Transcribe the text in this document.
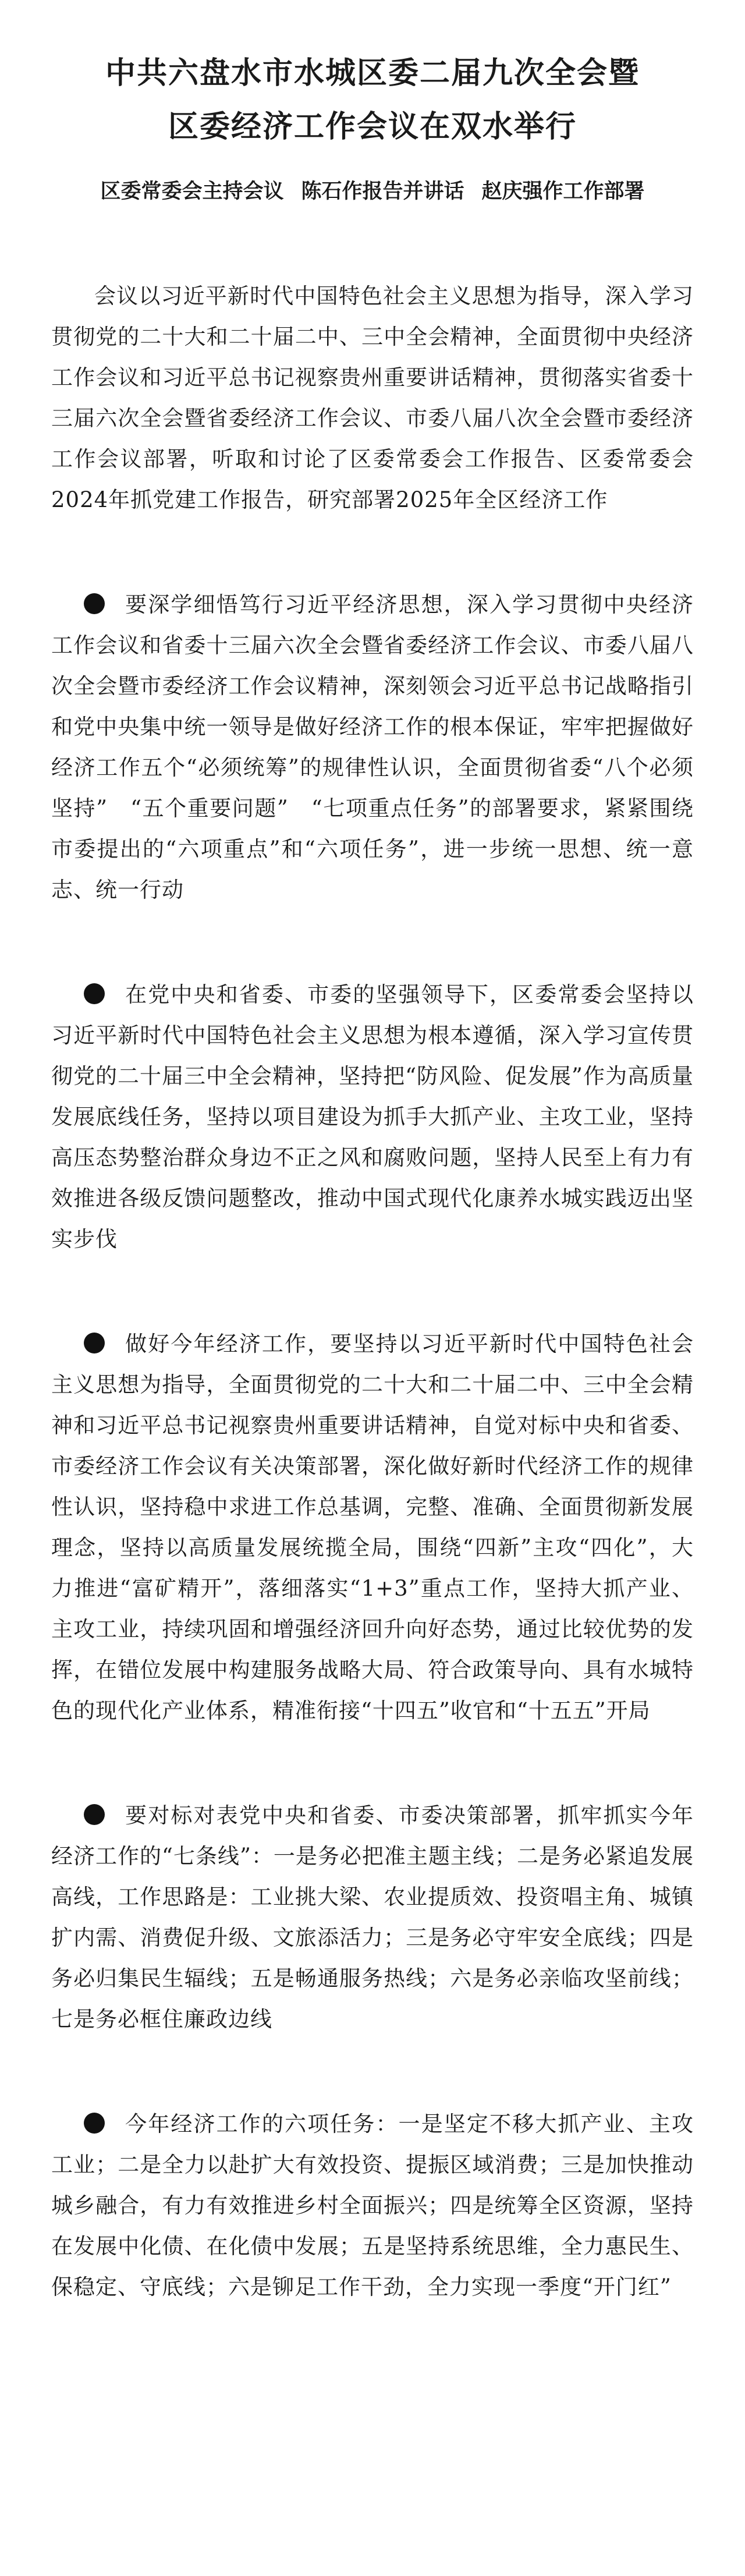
中共六盘水市水城区委二届九次全会暨
区委经济工作会议在双水举行
区委常委会主持会议 陈石作报告并讲话 赵庆强作工作部署

会议以习近平新时代中国特色社会主义思想为指导，深入学习贯彻党的二十大和二十届二中、三中全会精神，全面贯彻中央经济工作会议和习近平总书记视察贵州重要讲话精神，贯彻落实省委十三届六次全会暨省委经济工作会议、市委八届八次全会暨市委经济工作会议部署，听取和讨论了区委常委会工作报告、区委常委会2024年抓党建工作报告，研究部署2025年全区经济工作

要深学细悟笃行习近平经济思想，深入学习贯彻中央经济工作会议和省委十三届六次全会暨省委经济工作会议、市委八届八次全会暨市委经济工作会议精神，深刻领会习近平总书记战略指引和党中央集中统一领导是做好经济工作的根本保证，牢牢把握做好经济工作五个“必须统筹”的规律性认识，全面贯彻省委“八个必须坚持”　“五个重要问题”　“七项重点任务”的部署要求，紧紧围绕市委提出的“六项重点”和“六项任务”，进一步统一思想、统一意志、统一行动

在党中央和省委、市委的坚强领导下，区委常委会坚持以习近平新时代中国特色社会主义思想为根本遵循，深入学习宣传贯彻党的二十届三中全会精神，坚持把“防风险、促发展”作为高质量发展底线任务，坚持以项目建设为抓手大抓产业、主攻工业，坚持高压态势整治群众身边不正之风和腐败问题，坚持人民至上有力有效推进各级反馈问题整改，推动中国式现代化康养水城实践迈出坚实步伐

做好今年经济工作，要坚持以习近平新时代中国特色社会主义思想为指导，全面贯彻党的二十大和二十届二中、三中全会精神和习近平总书记视察贵州重要讲话精神，自觉对标中央和省委、市委经济工作会议有关决策部署，深化做好新时代经济工作的规律性认识，坚持稳中求进工作总基调，完整、准确、全面贯彻新发展理念，坚持以高质量发展统揽全局，围绕“四新”主攻“四化”，大力推进“富矿精开”，落细落实“1+3”重点工作，坚持大抓产业、主攻工业，持续巩固和增强经济回升向好态势，通过比较优势的发挥，在错位发展中构建服务战略大局、符合政策导向、具有水城特色的现代化产业体系，精准衔接“十四五”收官和“十五五”开局

要对标对表党中央和省委、市委决策部署，抓牢抓实今年经济工作的“七条线”：一是务必把准主题主线；二是务必紧追发展高线，工作思路是：工业挑大梁、农业提质效、投资唱主角、城镇扩内需、消费促升级、文旅添活力；三是务必守牢安全底线；四是务必归集民生辐线；五是畅通服务热线；六是务必亲临攻坚前线；七是务必框住廉政边线

今年经济工作的六项任务：一是坚定不移大抓产业、主攻工业；二是全力以赴扩大有效投资、提振区域消费；三是加快推动城乡融合，有力有效推进乡村全面振兴；四是统筹全区资源，坚持在发展中化债、在化债中发展；五是坚持系统思维，全力惠民生、保稳定、守底线；六是铆足工作干劲，全力实现一季度“开门红”
